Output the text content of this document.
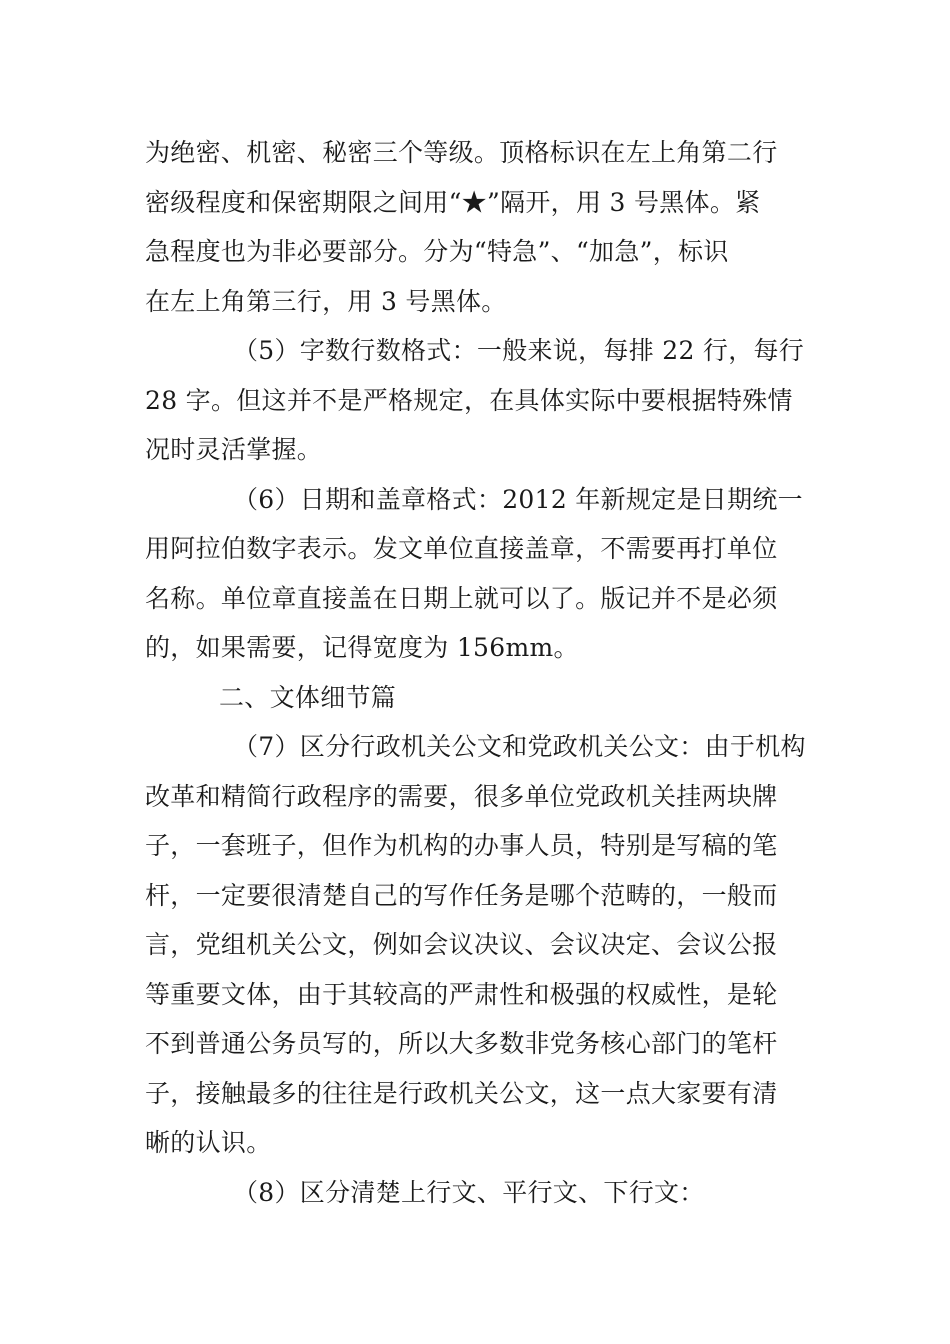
为绝密、机密、秘密三个等级。顶格标识在左上角第二行
密级程度和保密期限之间用“★”隔开，用 3 号黑体。紧
急程度也为非必要部分。分为“特急”、“加急”，标识
在左上角第三行，用 3 号黑体。
（5）字数行数格式：一般来说，每排 22 行，每行
28 字。但这并不是严格规定，在具体实际中要根据特殊情
况时灵活掌握。
（6）日期和盖章格式：2012 年新规定是日期统一
用阿拉伯数字表示。发文单位直接盖章，不需要再打单位
名称。单位章直接盖在日期上就可以了。版记并不是必须
的，如果需要，记得宽度为 156mm。
二、文体细节篇
（7）区分行政机关公文和党政机关公文：由于机构
改革和精简行政程序的需要，很多单位党政机关挂两块牌
子，一套班子，但作为机构的办事人员，特别是写稿的笔
杆，一定要很清楚自己的写作任务是哪个范畴的，一般而
言，党组机关公文，例如会议决议、会议决定、会议公报
等重要文体，由于其较高的严肃性和极强的权威性，是轮
不到普通公务员写的，所以大多数非党务核心部门的笔杆
子，接触最多的往往是行政机关公文，这一点大家要有清
晰的认识。
（8）区分清楚上行文、平行文、下行文：
